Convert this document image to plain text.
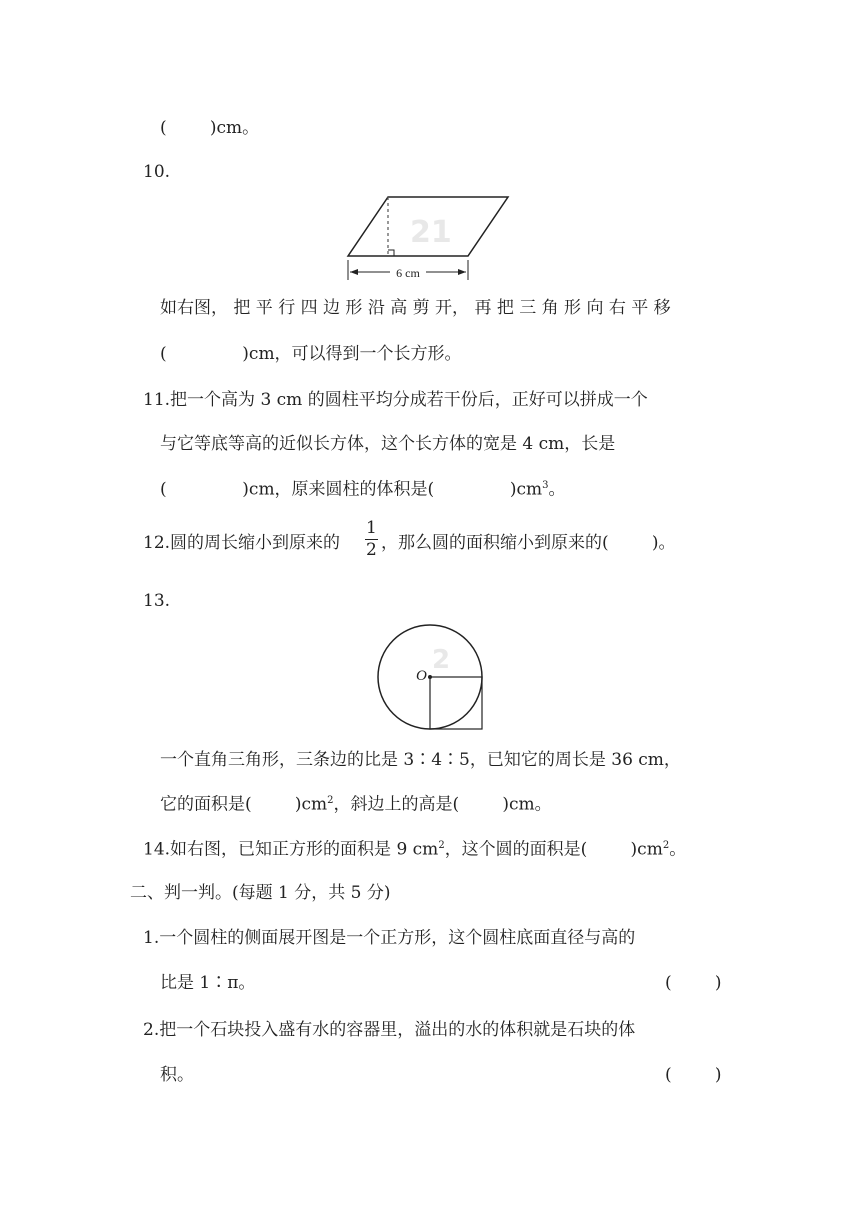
(        )cm。
10.
21
6 cm
如右图， 把 平 行 四 边 形 沿 高 剪 开， 再 把 三 角 形 向 右 平 移
(              )cm，可以得到一个长方形。
11.把一个高为 3 cm 的圆柱平均分成若干份后，正好可以拼成一个
与它等底等高的近似长方体，这个长方体的宽是 4 cm，长是
(              )cm，原来圆柱的体积是(              )$cm^3$。
12.圆的周长缩小到原来的 $\frac{1}{2}$ ，那么圆的面积缩小到原来的(        )。
13.
2
O
一个直角三角形，三条边的比是 3∶4∶5，已知它的周长是 36 cm，
它的面积是(        )$cm^2$，斜边上的高是(        )cm。
14.如右图，已知正方形的面积是 9 $cm^2$，这个圆的面积是(        )$cm^2$。
二、判一判。(每题 1 分，共 5 分)
1.一个圆柱的侧面展开图是一个正方形，这个圆柱底面直径与高的
比是 1∶π。	(        )
2.把一个石块投入盛有水的容器里，溢出的水的体积就是石块的体
积。	(        )
